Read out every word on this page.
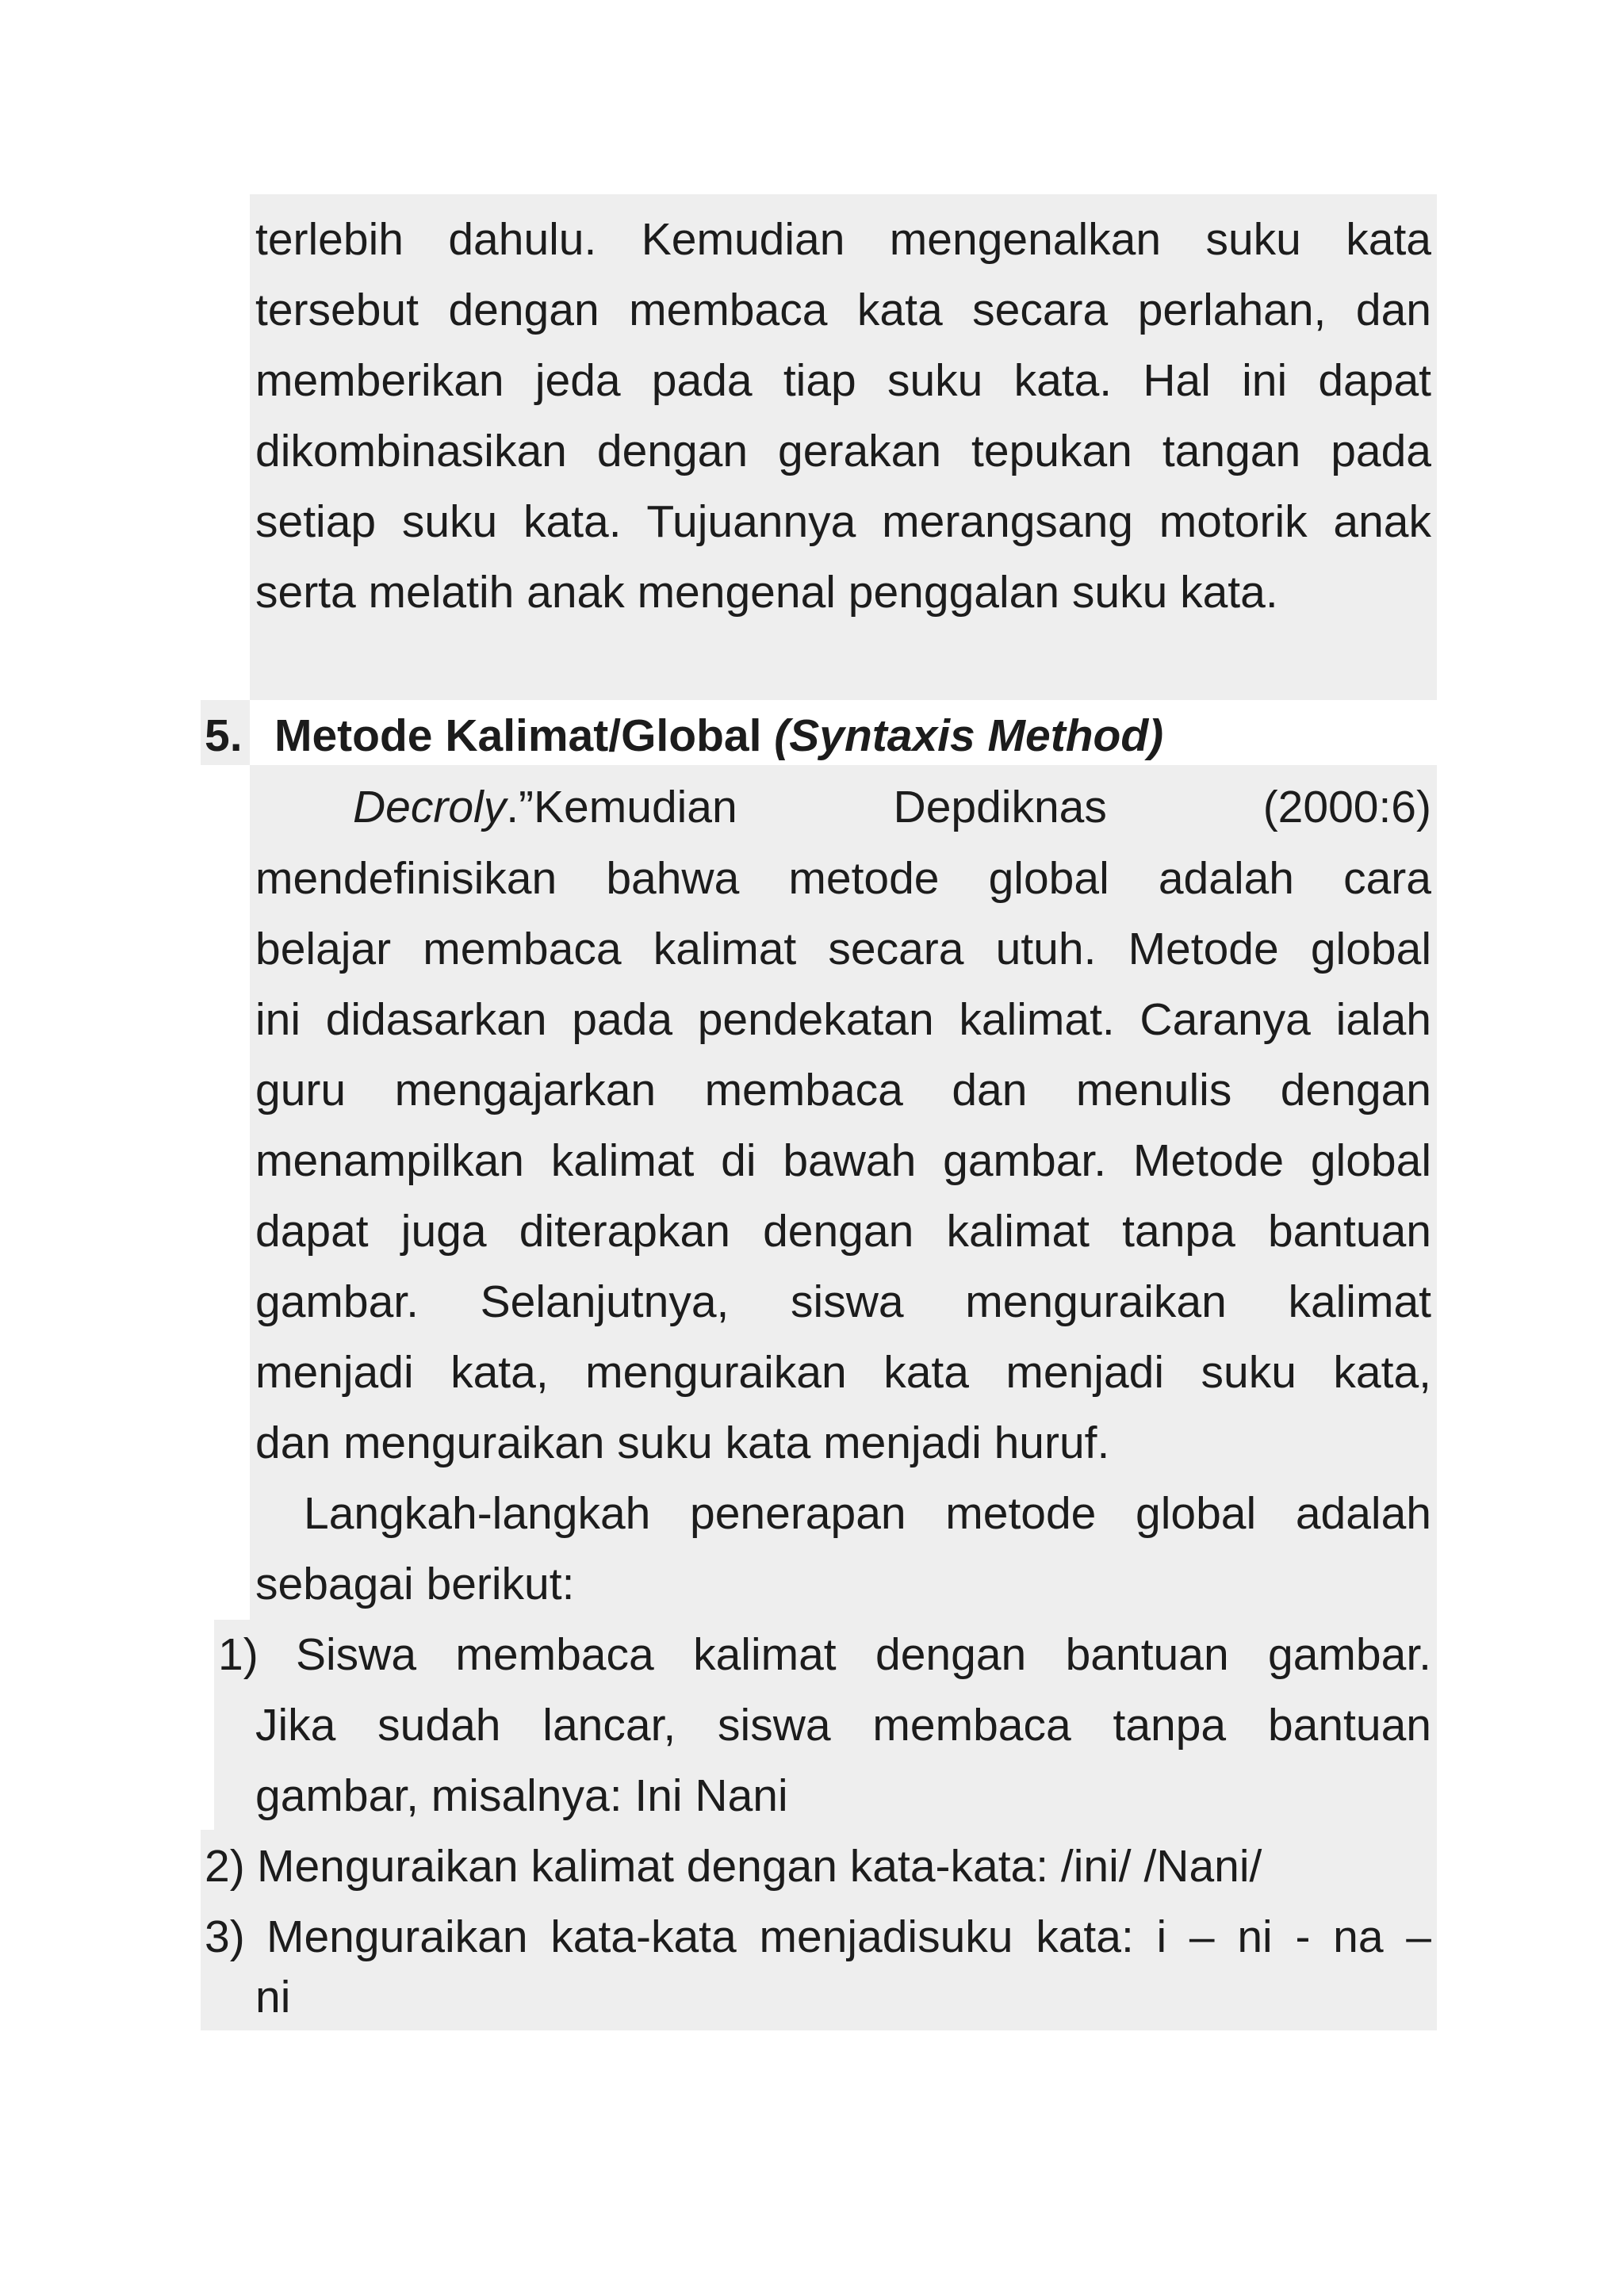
terlebih dahulu. Kemudian mengenalkan suku kata
tersebut dengan membaca kata secara perlahan, dan
memberikan jeda pada tiap suku kata. Hal ini dapat
dikombinasikan dengan gerakan tepukan tangan pada
setiap suku kata. Tujuannya merangsang motorik anak
serta melatih anak mengenal penggalan suku kata.
5. Metode Kalimat/Global (Syntaxis Method)
Decroly.”Kemudian Depdiknas (2000:6)
mendefinisikan bahwa metode global adalah cara
belajar membaca kalimat secara utuh. Metode global
ini didasarkan pada pendekatan kalimat. Caranya ialah
guru mengajarkan membaca dan menulis dengan
menampilkan kalimat di bawah gambar. Metode global
dapat juga diterapkan dengan kalimat tanpa bantuan
gambar. Selanjutnya, siswa menguraikan kalimat
menjadi kata, menguraikan kata menjadi suku kata,
dan menguraikan suku kata menjadi huruf.
Langkah-langkah penerapan metode global adalah
sebagai berikut:
1) Siswa membaca kalimat dengan bantuan gambar.
Jika sudah lancar, siswa membaca tanpa bantuan
gambar, misalnya: Ini Nani
2) Menguraikan kalimat dengan kata-kata: /ini/ /Nani/
3) Menguraikan kata-kata menjadisuku kata: i – ni - na –
ni
